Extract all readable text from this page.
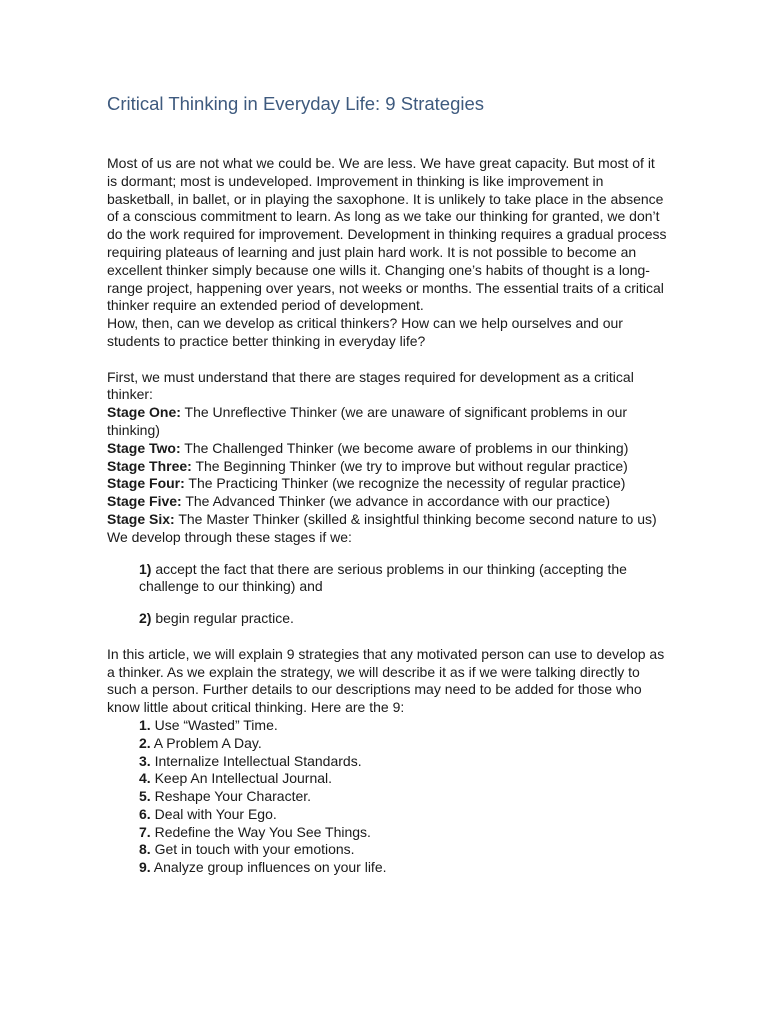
Critical Thinking in Everyday Life: 9 Strategies

Most of us are not what we could be. We are less. We have great capacity. But most of it is dormant; most is undeveloped. Improvement in thinking is like improvement in basketball, in ballet, or in playing the saxophone. It is unlikely to take place in the absence of a conscious commitment to learn. As long as we take our thinking for granted, we don’t do the work required for improvement. Development in thinking requires a gradual process requiring plateaus of learning and just plain hard work. It is not possible to become an excellent thinker simply because one wills it. Changing one’s habits of thought is a long-range project, happening over years, not weeks or months. The essential traits of a critical thinker require an extended period of development.

How, then, can we develop as critical thinkers? How can we help ourselves and our students to practice better thinking in everyday life?

First, we must understand that there are stages required for development as a critical thinker:

Stage One: The Unreflective Thinker (we are unaware of significant problems in our thinking)

Stage Two: The Challenged Thinker (we become aware of problems in our thinking)

Stage Three: The Beginning Thinker (we try to improve but without regular practice)

Stage Four: The Practicing Thinker (we recognize the necessity of regular practice)

Stage Five: The Advanced Thinker (we advance in accordance with our practice)

Stage Six: The Master Thinker (skilled & insightful thinking become second nature to us)

We develop through these stages if we:

1) accept the fact that there are serious problems in our thinking (accepting the challenge to our thinking) and

2) begin regular practice.

In this article, we will explain 9 strategies that any motivated person can use to develop as a thinker. As we explain the strategy, we will describe it as if we were talking directly to such a person. Further details to our descriptions may need to be added for those who know little about critical thinking. Here are the 9:

1. Use “Wasted” Time.
2. A Problem A Day.
3. Internalize Intellectual Standards.
4. Keep An Intellectual Journal.
5. Reshape Your Character.
6. Deal with Your Ego.
7. Redefine the Way You See Things.
8. Get in touch with your emotions.
9. Analyze group influences on your life.
